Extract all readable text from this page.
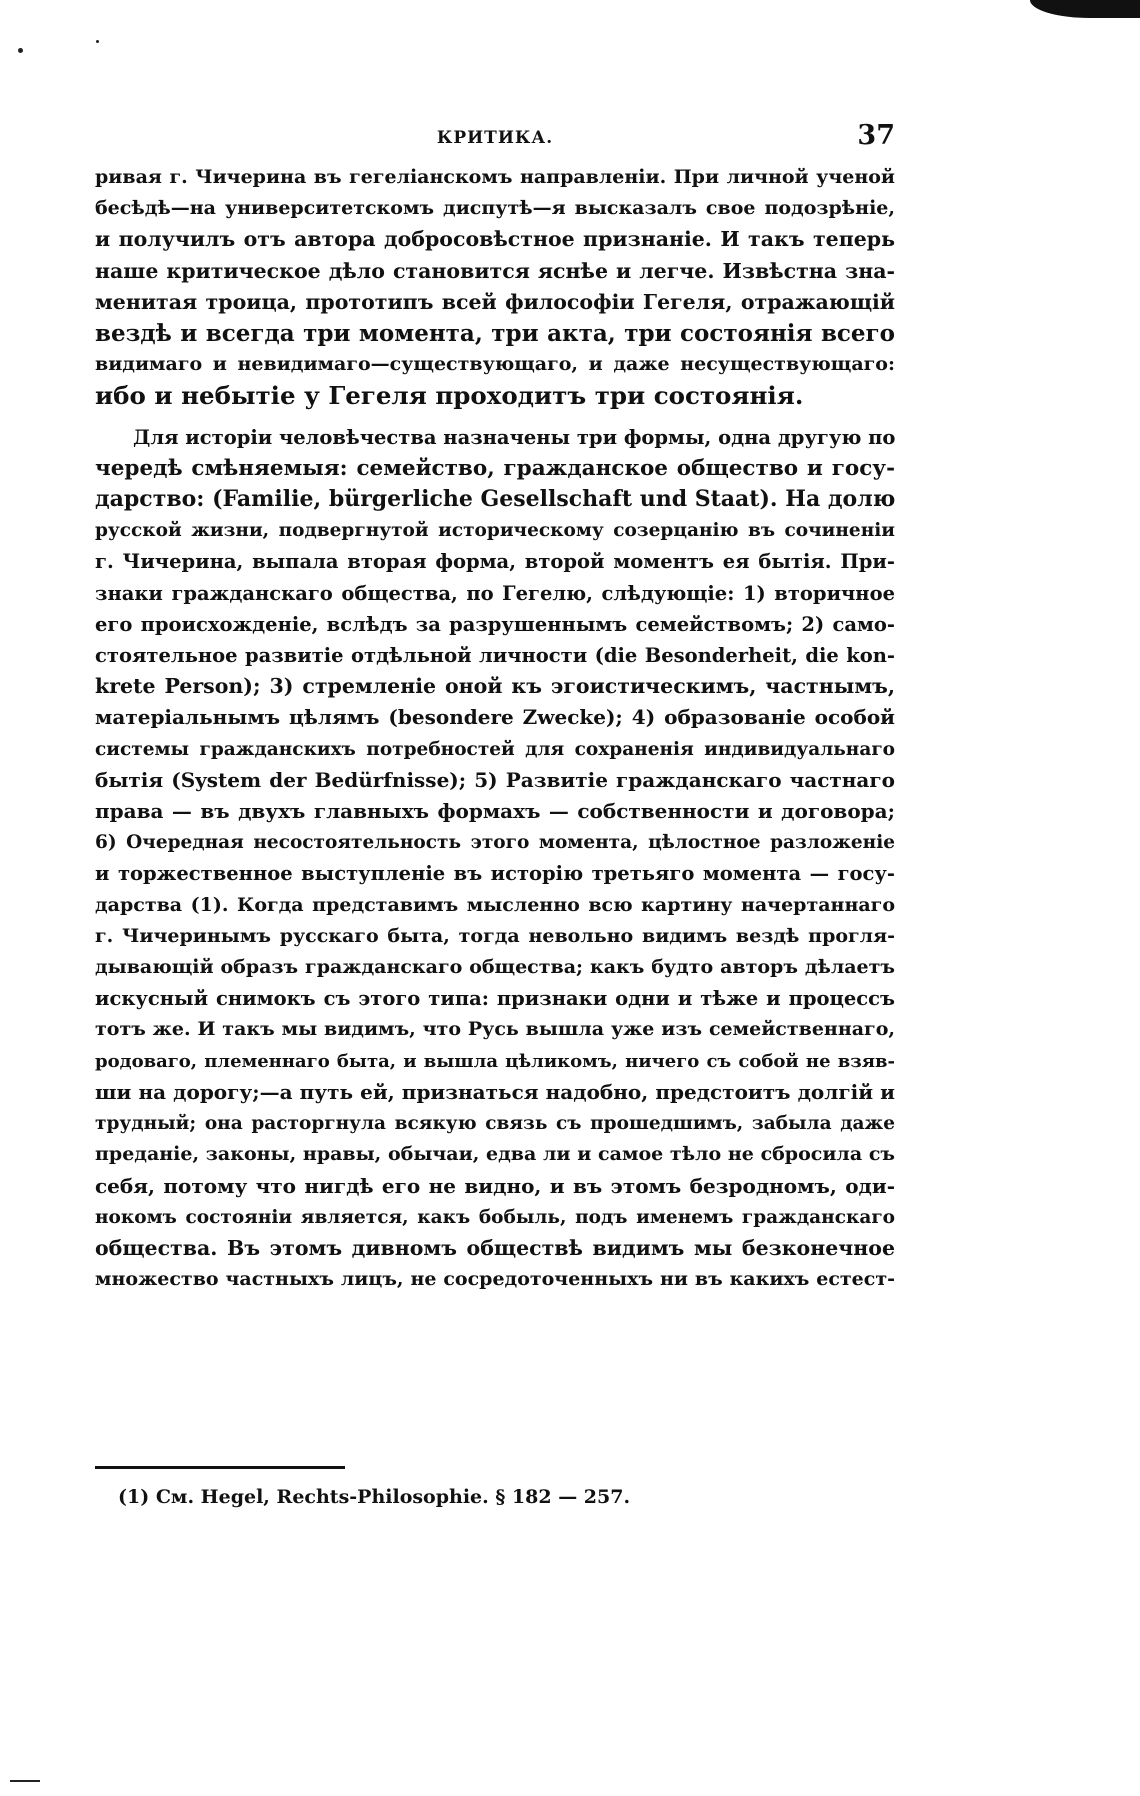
КРИТИКА.	37

ривая г. Чичерина въ гегеліанскомъ направленіи. При личной ученой
бесѣдѣ—на университетскомъ диспутѣ—я высказалъ свое подозрѣніе,
и получилъ отъ автора добросовѣстное признаніе. И такъ теперь
наше критическое дѣло становится яснѣе и легче. Извѣстна зна-
менитая троица, прототипъ всей философіи Гегеля, отражающій
вездѣ и всегда три момента, три акта, три состоянія всего
видимаго и невидимаго—существующаго, и даже несуществующаго:
ибо и небытіе у Гегеля проходитъ три состоянія.

Для исторіи человѣчества назначены три формы, одна другую по
чередѣ смѣняемыя: семейство, гражданское общество и госу-
дарство: (Familie, bürgerliche Gesellschaft und Staat). На долю
русской жизни, подвергнутой историческому созерцанію въ сочиненіи
г. Чичерина, выпала вторая форма, второй моментъ ея бытія. При-
знаки гражданскаго общества, по Гегелю, слѣдующіе: 1) вторичное
его происхожденіе, вслѣдъ за разрушеннымъ семействомъ; 2) само-
стоятельное развитіе отдѣльной личности (die Besonderheit, die kon-
krete Person); 3) стремленіе оной къ эгоистическимъ, частнымъ,
матеріальнымъ цѣлямъ (besondere Zwecke); 4) образованіе особой
системы гражданскихъ потребностей для сохраненія индивидуальнаго
бытія (System der Bedürfnisse); 5) Развитіе гражданскаго частнаго
права — въ двухъ главныхъ формахъ — собственности и договора;
6) Очередная несостоятельность этого момента, цѣлостное разложеніе
и торжественное выступленіе въ исторію третьяго момента — госу-
дарства (1). Когда представимъ мысленно всю картину начертаннаго
г. Чичеринымъ русскаго быта, тогда невольно видимъ вездѣ прогля-
дывающій образъ гражданскаго общества; какъ будто авторъ дѣлаетъ
искусный снимокъ съ этого типа: признаки одни и тѣже и процессъ
тотъ же. И такъ мы видимъ, что Русь вышла уже изъ семейственнаго,
родоваго, племеннаго быта, и вышла цѣликомъ, ничего съ собой не взяв-
ши на дорогу;—а путь ей, признаться надобно, предстоитъ долгій и
трудный; она расторгнула всякую связь съ прошедшимъ, забыла даже
преданіе, законы, нравы, обычаи, едва ли и самое тѣло не сбросила съ
себя, потому что нигдѣ его не видно, и въ этомъ безродномъ, оди-
нокомъ состояніи является, какъ бобыль, подъ именемъ гражданскаго
общества. Въ этомъ дивномъ обществѣ видимъ мы безконечное
множество частныхъ лицъ, не сосредоточенныхъ ни въ какихъ естест-

(1) См. Hegel, Rechts-Philosophie. § 182 — 257.
